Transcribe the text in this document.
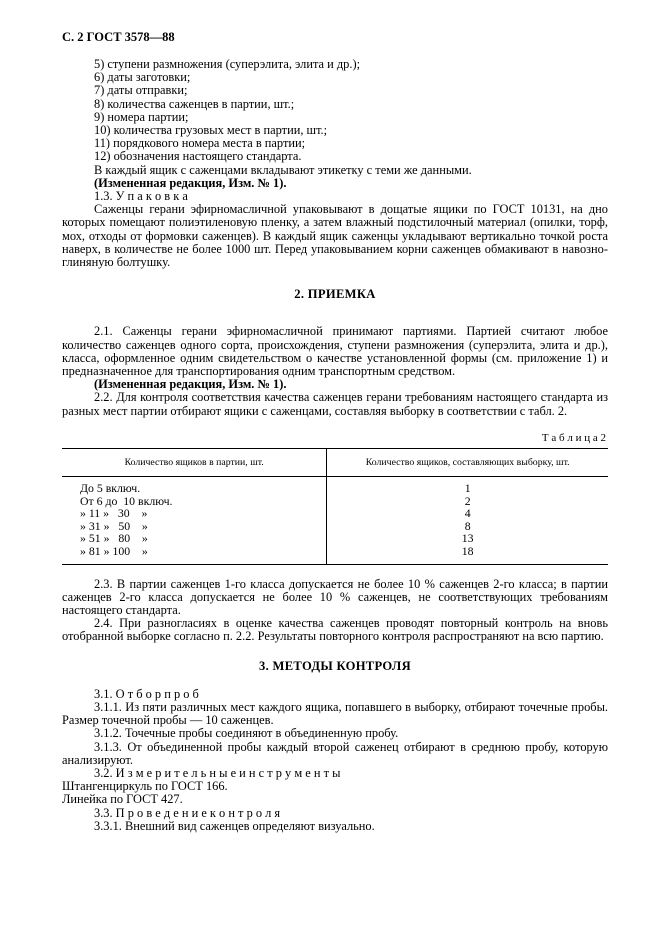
С. 2 ГОСТ 3578—88
5) ступени размножения (суперэлита, элита и др.);
6) даты заготовки;
7) даты отправки;
8) количества саженцев в партии, шт.;
9) номера партии;
10) количества грузовых мест в партии, шт.;
11) порядкового номера места в партии;
12) обозначения настоящего стандарта.

В каждый ящик с саженцами вкладывают этикетку с теми же данными.

(Измененная редакция, Изм. № 1).

1.3. У п а к о в к а

Саженцы герани эфирномасличной упаковывают в дощатые ящики по ГОСТ 10131, на дно которых помещают полиэтиленовую пленку, а затем влажный подстилочный материал (опилки, торф, мох, отходы от формовки саженцев). В каждый ящик саженцы укладывают вертикально точкой роста наверх, в количестве не более 1000 шт. Перед упаковыванием корни саженцев обмакивают в навозно-глиняную болтушку.

2. ПРИЕМКА

2.1. Саженцы герани эфирномасличной принимают партиями. Партией считают любое количество саженцев одного сорта, происхождения, ступени размножения (суперэлита, элита и др.), класса, оформленное одним свидетельством о качестве установленной формы (см. приложение 1) и предназначенное для транспортирования одним транспортным средством.

(Измененная редакция, Изм. № 1).

2.2. Для контроля соответствия качества саженцев герани требованиям настоящего стандарта из разных мест партии отбирают ящики с саженцами, составляя выборку в соответствии с табл. 2.

Т а б л и ц а 2
Количество ящиков в партии, шт.	Количество ящиков, составляющих выборку, шт.
До 5 включ.	1
От 6 до  10 включ.	2
» 11 »   30    »	4
» 31 »   50    »	8
» 51 »   80    »	13
» 81 » 100    »	18

2.3. В партии саженцев 1-го класса допускается не более 10 % саженцев 2-го класса; в партии саженцев 2-го класса допускается не более 10 % саженцев, не соответствующих требованиям настоящего стандарта.

2.4. При разногласиях в оценке качества саженцев проводят повторный контроль на вновь отобранной выборке согласно п. 2.2. Результаты повторного контроля распространяют на всю партию.

3. МЕТОДЫ КОНТРОЛЯ

3.1. О т б о р п р о б

3.1.1. Из пяти различных мест каждого ящика, попавшего в выборку, отбирают точечные пробы. Размер точечной пробы — 10 саженцев.

3.1.2. Точечные пробы соединяют в объединенную пробу.

3.1.3. От объединенной пробы каждый второй саженец отбирают в среднюю пробу, которую анализируют.

3.2. И з м е р и т е л ь н ы е и н с т р у м е н т ы

Штангенциркуль по ГОСТ 166.

Линейка по ГОСТ 427.

3.3. П р о в е д е н и е к о н т р о л я

3.3.1. Внешний вид саженцев определяют визуально.
